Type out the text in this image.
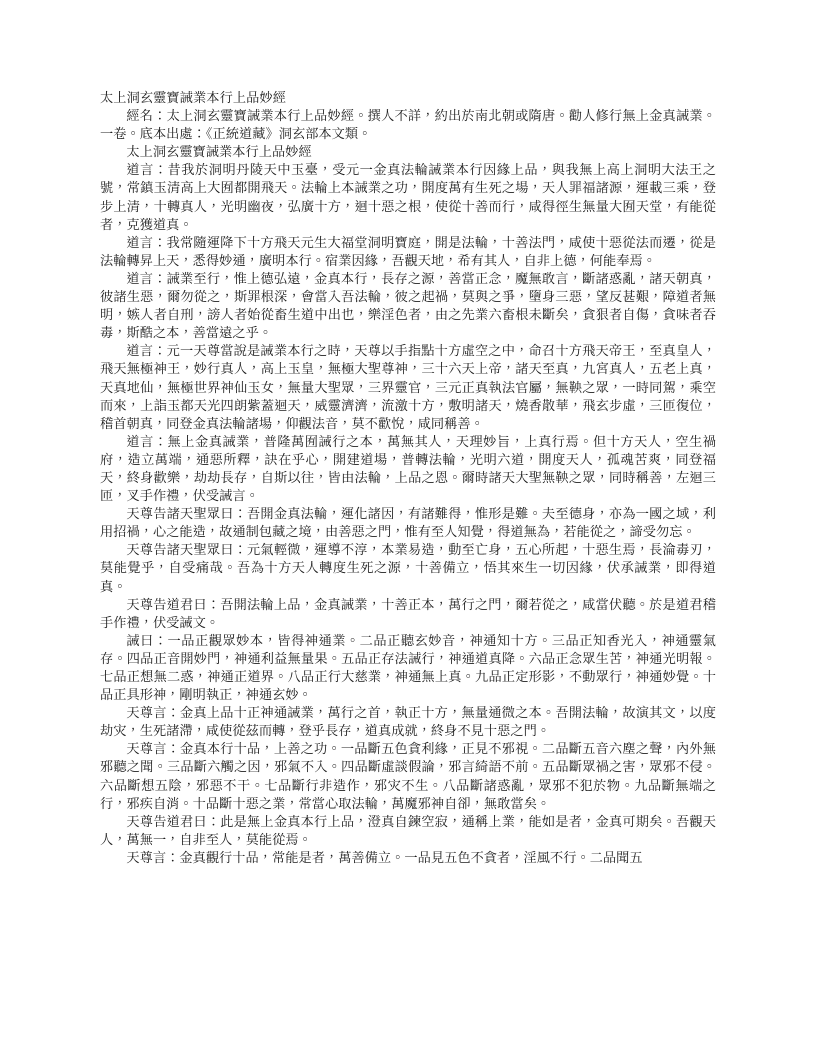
太上洞玄靈寶誡業本行上品妙經

經名：太上洞玄靈寶誡業本行上品妙經。撰人不詳，約出於南北朝或隋唐。勸人修行無上金真誡業。一卷。底本出處：《正統道藏》洞玄部本文類。

太上洞玄靈寶誡業本行上品妙經

道言：昔我於洞明丹陵天中玉臺，受元一金真法輪誡業本行因緣上品，與我無上高上洞明大法王之號，常鎮玉清高上大囿都開飛天。法輪上本誡業之功，開度萬有生死之場，天人罪福諸源，運載三乘，登步上清，十轉真人，光明幽夜，弘廣十方，迴十惡之根，使從十善而行，咸得徑生無量大囿天堂，有能從者，克獲道真。

道言：我常隨運降下十方飛天元生大福堂洞明寶庭，開是法輪，十善法門，咸使十惡從法而遷，從是法輪轉昇上天，悉得妙通，廣明本行。宿業因緣，吾觀天地，希有其人，自非上德，何能奉焉。

道言：誡業至行，惟上德弘遠，金真本行，長存之源，善當正念，魔無敢言，斷諸惑亂，諸天朝真，彼諸生惡，爾勿從之，斯罪根深，會當入吾法輪，彼之起禍，莫與之爭，墮身三惡，望反甚艱，障道者無明，嫉人者自刑，謗人者始從畜生道中出也，樂淫色者，由之先業六畜根未斷矣，貪狠者自傷，貪味者吞毒，斯酷之本，善當遠之乎。

道言：元一天尊當說是誡業本行之時，天尊以手指點十方虛空之中，命召十方飛天帝王，至真皇人，飛天無極神王，妙行真人，高上玉皇，無極大聖尊神，三十六天上帝，諸天至真，九宮真人，五老上真，天真地仙，無極世界神仙玉女，無量大聖眾，三界靈官，三元正真執法官屬，無鞅之眾，一時同駕，乘空而來，上詣玉都天光四朗紫蓋迴天，威靈濟濟，流激十方，敷明諸天，燒香散華，飛玄步虛，三匝復位，稽首朝真，同登金真法輪諸場，仰觀法音，莫不歡悅，咸同稱善。

道言：無上金真誡業，普隆萬囿誡行之本，萬無其人，天理妙旨，上真行焉。但十方天人，空生禍府，造立萬端，通惡所釋，訣在乎心，開建道場，普轉法輪，光明六道，開度天人，孤魂苦爽，同登福天，終身歡樂，劫劫長存，自斯以往，皆由法輪，上品之恩。爾時諸天大聖無鞅之眾，同時稱善，左迴三匝，叉手作禮，伏受誡言。

天尊告諸天聖眾曰：吾開金真法輪，運化諸因，有諸難得，惟形是難。夫至德身，亦為一國之域，利用招禍，心之能造，故通制包藏之境，由善惡之門，惟有至人知覺，得道無為，若能從之，諦受勿忘。

天尊告諸天聖眾曰：元氣輕微，運導不淳，本業易造，動至亡身，五心所起，十惡生焉，長淪毒刃，莫能覺乎，自受痛哉。吾為十方天人轉度生死之源，十善備立，悟其來生一切因緣，伏承誡業，即得道真。

天尊告道君曰：吾開法輪上品，金真誡業，十善正本，萬行之門，爾若從之，咸當伏聽。於是道君稽手作禮，伏受誡文。

誡曰：一品正觀眾妙本，皆得神通業。二品正聽玄妙音，神通知十方。三品正知香光入，神通靈氣存。四品正音開妙門，神通利益無量果。五品正存法誡行，神通道真降。六品正念眾生苦，神通光明報。七品正想無二惑，神通正道界。八品正行大慈業，神通無上真。九品正定形影，不動眾行，神通妙覺。十品正具形神，剛明執正，神通玄妙。

天尊言：金真上品十正神通誡業，萬行之首，執正十方，無量通微之本。吾開法輪，故演其文，以度劫灾，生死諸滯，咸使從茲而轉，登乎長存，道真成就，終身不見十惡之門。

天尊言：金真本行十品，上善之功。一品斷五色貪利緣，正見不邪視。二品斷五音六塵之聲，內外無邪聽之聞。三品斷六觸之因，邪氣不入。四品斷虛談假論，邪言綺語不前。五品斷眾禍之害，眾邪不侵。六品斷想五陰，邪惡不干。七品斷行非造作，邪灾不生。八品斷諸惑亂，眾邪不犯於物。九品斷無端之行，邪疾自消。十品斷十惡之業，常當心取法輪，萬魔邪神自卻，無敢當矣。

天尊告道君曰：此是無上金真本行上品，澄真自鍊空寂，通稱上業，能如是者，金真可期矣。吾觀天人，萬無一，自非至人，莫能從焉。

天尊言：金真觀行十品，常能是者，萬善備立。一品見五色不貪者，淫風不行。二品聞五
